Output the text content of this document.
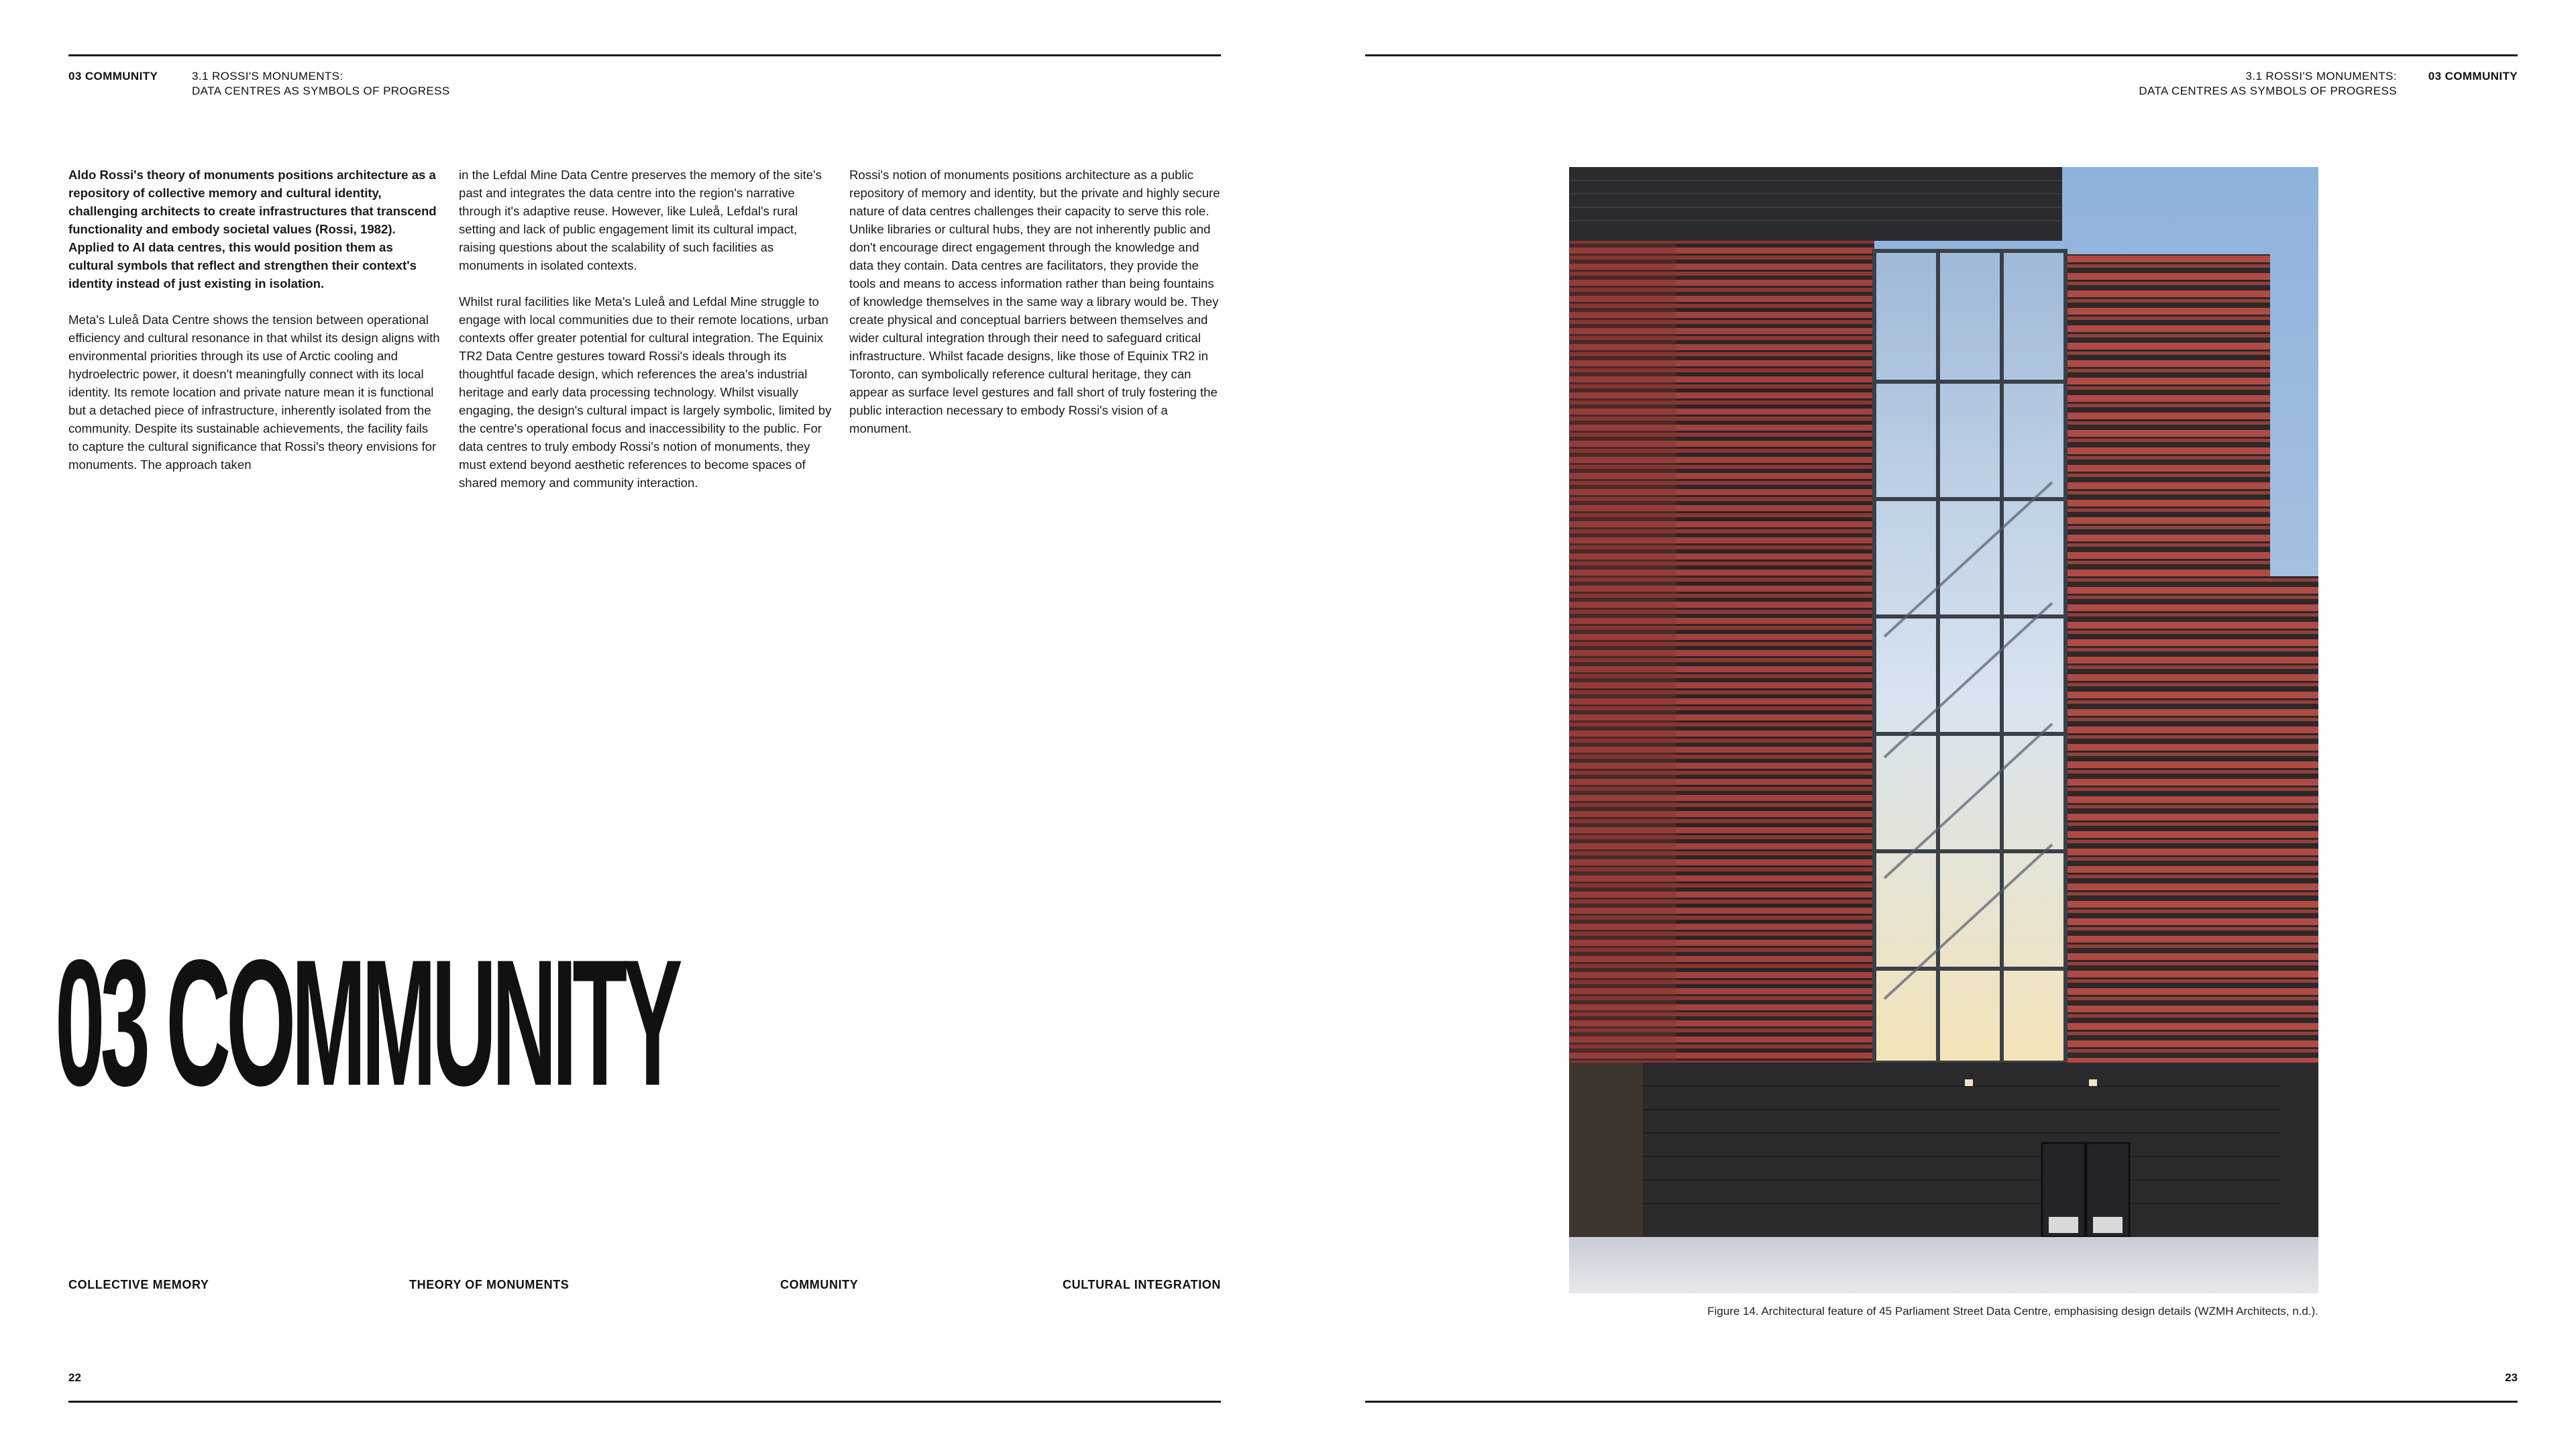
03 COMMUNITY	3.1 ROSSI'S MONUMENTS:
DATA CENTRES AS SYMBOLS OF PROGRESS

Aldo Rossi's theory of monuments positions architecture as a repository of collective memory and cultural identity, challenging architects to create infrastructures that transcend functionality and embody societal values (Rossi, 1982). Applied to AI data centres, this would position them as cultural symbols that reflect and strengthen their context's identity instead of just existing in isolation.

Meta's Luleå Data Centre shows the tension between operational efficiency and cultural resonance in that whilst its design aligns with environmental priorities through its use of Arctic cooling and hydroelectric power, it doesn't meaningfully connect with its local identity. Its remote location and private nature mean it is functional but a detached piece of infrastructure, inherently isolated from the community. Despite its sustainable achievements, the facility fails to capture the cultural significance that Rossi's theory envisions for monuments. The approach taken

in the Lefdal Mine Data Centre preserves the memory of the site's past and integrates the data centre into the region's narrative through it's adaptive reuse. However, like Luleå, Lefdal's rural setting and lack of public engagement limit its cultural impact, raising questions about the scalability of such facilities as monuments in isolated contexts.

Whilst rural facilities like Meta's Luleå and Lefdal Mine struggle to engage with local communities due to their remote locations, urban contexts offer greater potential for cultural integration. The Equinix TR2 Data Centre gestures toward Rossi's ideals through its thoughtful facade design, which references the area's industrial heritage and early data processing technology. Whilst visually engaging, the design's cultural impact is largely symbolic, limited by the centre's operational focus and inaccessibility to the public. For data centres to truly embody Rossi's notion of monuments, they must extend beyond aesthetic references to become spaces of shared memory and community interaction.

Rossi's notion of monuments positions architecture as a public repository of memory and identity, but the private and highly secure nature of data centres challenges their capacity to serve this role. Unlike libraries or cultural hubs, they are not inherently public and don't encourage direct engagement through the knowledge and data they contain. Data centres are facilitators, they provide the tools and means to access information rather than being fountains of knowledge themselves in the same way a library would be. They create physical and conceptual barriers between themselves and wider cultural integration through their need to safeguard critical infrastructure. Whilst facade designs, like those of Equinix TR2 in Toronto, can symbolically reference cultural heritage, they can appear as surface level gestures and fall short of truly fostering the public interaction necessary to embody Rossi's vision of a monument.

03 COMMUNITY
COLLECTIVE MEMORY	THEORY OF MONUMENTS	COMMUNITY	CULTURAL INTEGRATION
22
3.1 ROSSI'S MONUMENTS:
DATA CENTRES AS SYMBOLS OF PROGRESS
03 COMMUNITY
Figure 14. Architectural feature of 45 Parliament Street Data Centre, emphasising design details (WZMH Architects, n.d.).
23
